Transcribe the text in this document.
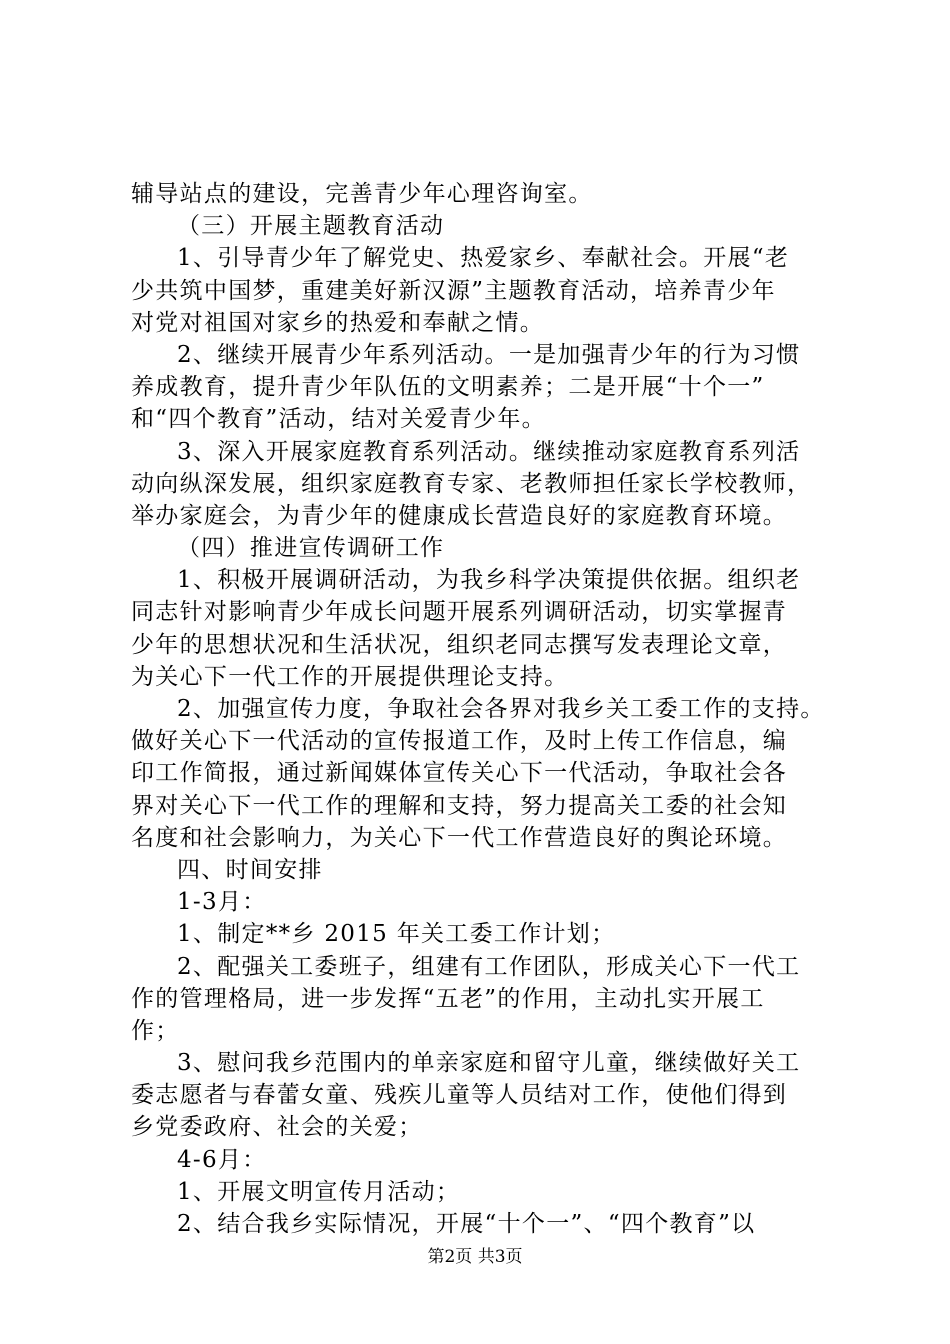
辅导站点的建设，完善青少年心理咨询室。
（三）开展主题教育活动
1、引导青少年了解党史、热爱家乡、奉献社会。开展“老
少共筑中国梦，重建美好新汉源”主题教育活动，培养青少年
对党对祖国对家乡的热爱和奉献之情。
2、继续开展青少年系列活动。一是加强青少年的行为习惯
养成教育，提升青少年队伍的文明素养；二是开展“十个一”
和“四个教育”活动，结对关爱青少年。
3、深入开展家庭教育系列活动。继续推动家庭教育系列活
动向纵深发展，组织家庭教育专家、老教师担任家长学校教师，
举办家庭会，为青少年的健康成长营造良好的家庭教育环境。
（四）推进宣传调研工作
1、积极开展调研活动，为我乡科学决策提供依据。组织老
同志针对影响青少年成长问题开展系列调研活动，切实掌握青
少年的思想状况和生活状况，组织老同志撰写发表理论文章，
为关心下一代工作的开展提供理论支持。
2、加强宣传力度，争取社会各界对我乡关工委工作的支持。
做好关心下一代活动的宣传报道工作，及时上传工作信息，编
印工作简报，通过新闻媒体宣传关心下一代活动，争取社会各
界对关心下一代工作的理解和支持，努力提高关工委的社会知
名度和社会影响力，为关心下一代工作营造良好的舆论环境。
四、时间安排
1-3月：
1、制定**乡 2015 年关工委工作计划；
2、配强关工委班子，组建有工作团队，形成关心下一代工
作的管理格局，进一步发挥“五老”的作用，主动扎实开展工
作；
3、慰问我乡范围内的单亲家庭和留守儿童，继续做好关工
委志愿者与春蕾女童、残疾儿童等人员结对工作，使他们得到
乡党委政府、社会的关爱；
4-6月：
1、开展文明宣传月活动；
2、结合我乡实际情况，开展“十个一”、“四个教育”以
第2页 共3页
